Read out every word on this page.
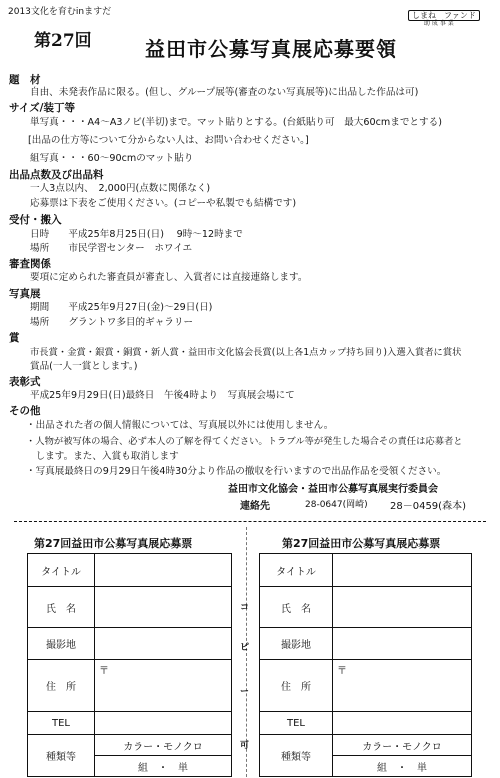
2013文化を育むinますだ	しまね　ファンド
助 成 事 業
第27回	益田市公募写真展応募要領
題　材
自由、未発表作品に限る。(但し、グループ展等(審査のない写真展等)に出品した作品は可)
サイズ/装丁等
単写真・・・A4～A3ノビ(半切)まで。マット貼りとする。(台紙貼り可　最大60cmまでとする)
[出品の仕方等について分からない人は、お問い合わせください。]
組写真・・・60～90cmのマット貼り
出品点数及び出品料
一人3点以内、　2,000円(点数に関係なく)
応募票は下表をご使用ください。(コピーや私製でも結構です)
受付・搬入
日時　　平成25年8月25日(日)　 9時～12時まで
場所　　市民学習センター　ホワイエ
審査関係
要項に定められた審査員が審査し、入賞者には直接連絡します。
写真展
期間　　平成25年9月27日(金)～29日(日)
場所　　グラントワ多目的ギャラリー
賞
市長賞・金賞・銀賞・銅賞・新人賞・益田市文化協会長賞(以上各1点カップ持ち回り)入選入賞者に賞状
賞品(一人一賞とします。)
表彰式
平成25年9月29日(日)最終日　午後4時より　写真展会場にて
その他
・出品された者の個人情報については、写真展以外には使用しません。
・人物が被写体の場合、必ず本人の了解を得てください。トラブル等が発生した場合その責任は応募者と
　します。また、入賞も取消します
・写真展最終日の9月29日午後4時30分より作品の撤収を行いますので出品作品を受領ください。
益田市文化協会・益田市公募写真展実行委員会
連絡先	28-0647(岡崎) 28－0459(森本)
コ
ピ
ー
可
第27回益田市公募写真展応募票
タイトル	
氏　名	
撮影地	
住　所	〒
TEL	
種類等	カラー・モノクロ
	組　・　単
第27回益田市公募写真展応募票
タイトル	
氏　名	
撮影地	
住　所	〒
TEL	
種類等	カラー・モノクロ
	組　・　単
